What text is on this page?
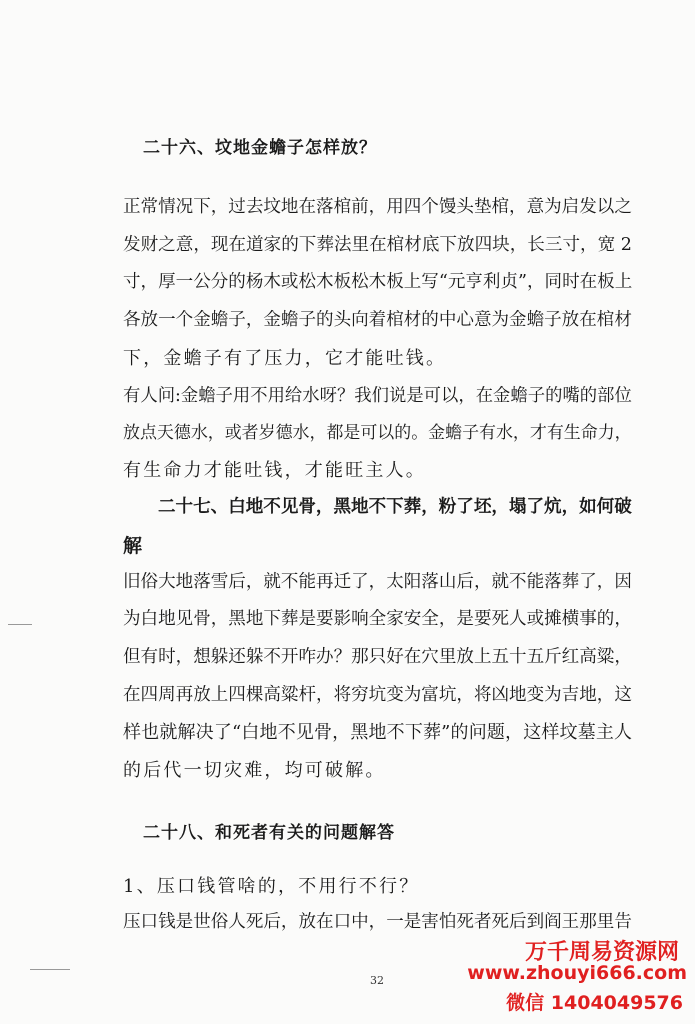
二十六、坟地金蟾子怎样放？
正常情况下，过去坟地在落棺前，用四个馒头垫棺，意为启发以之
发财之意，现在道家的下葬法里在棺材底下放四块，长三寸，宽 2
寸，厚一公分的杨木或松木板松木板上写“元亨利贞”，同时在板上
各放一个金蟾子，金蟾子的头向着棺材的中心意为金蟾子放在棺材
下，金蟾子有了压力，它才能吐钱。
有人问:金蟾子用不用给水呀？我们说是可以，在金蟾子的嘴的部位
放点天德水，或者岁德水，都是可以的。金蟾子有水，才有生命力，
有生命力才能吐钱，才能旺主人。
二十七、白地不见骨，黑地不下葬，粉了坯，塌了炕，如何破
解
旧俗大地落雪后，就不能再迁了，太阳落山后，就不能落葬了，因
为白地见骨，黑地下葬是要影响全家安全，是要死人或摊横事的，
但有时，想躲还躲不开咋办？那只好在穴里放上五十五斤红高粱，
在四周再放上四棵高粱杆，将穷坑变为富坑，将凶地变为吉地，这
样也就解决了“白地不见骨，黑地不下葬”的问题，这样坟墓主人
的后代一切灾难，均可破解。
二十八、和死者有关的问题解答
1、压口钱管啥的，不用行不行？
压口钱是世俗人死后，放在口中，一是害怕死者死后到阎王那里告
32
万千周易资源网
www.zhouyi666.com
微信 1404049576
